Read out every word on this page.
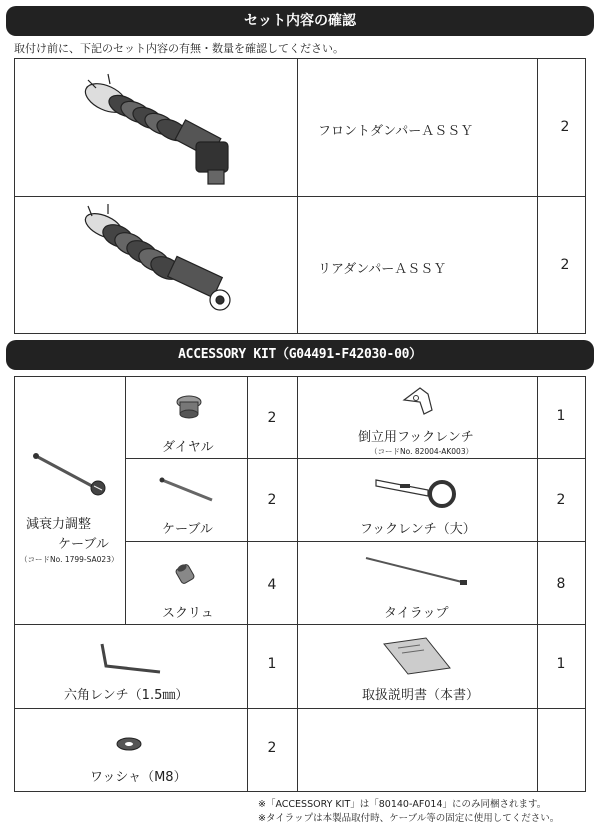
セット内容の確認
取付け前に、下記のセット内容の有無・数量を確認してください。
フロントダンパーＡＳＳＹ	2
リアダンパーＡＳＳＹ	2
ACCESSORY KIT（G04491-F42030-00）
減衰力調整
ケーブル
（コードNo. 1799-SA023）
ダイヤル
2
ケーブル
2
スクリュ
4
六角レンチ（1.5㎜）
1
ワッシャ（M8）
2
倒立用フックレンチ
（コードNo. 82004-AK003）
1
フックレンチ（大）
2
タイラップ
8
取扱説明書（本書）
1
※「ACCESSORY KIT」は「80140-AF014」にのみ同梱されます。
※タイラップは本製品取付時、ケーブル等の固定に使用してください。
